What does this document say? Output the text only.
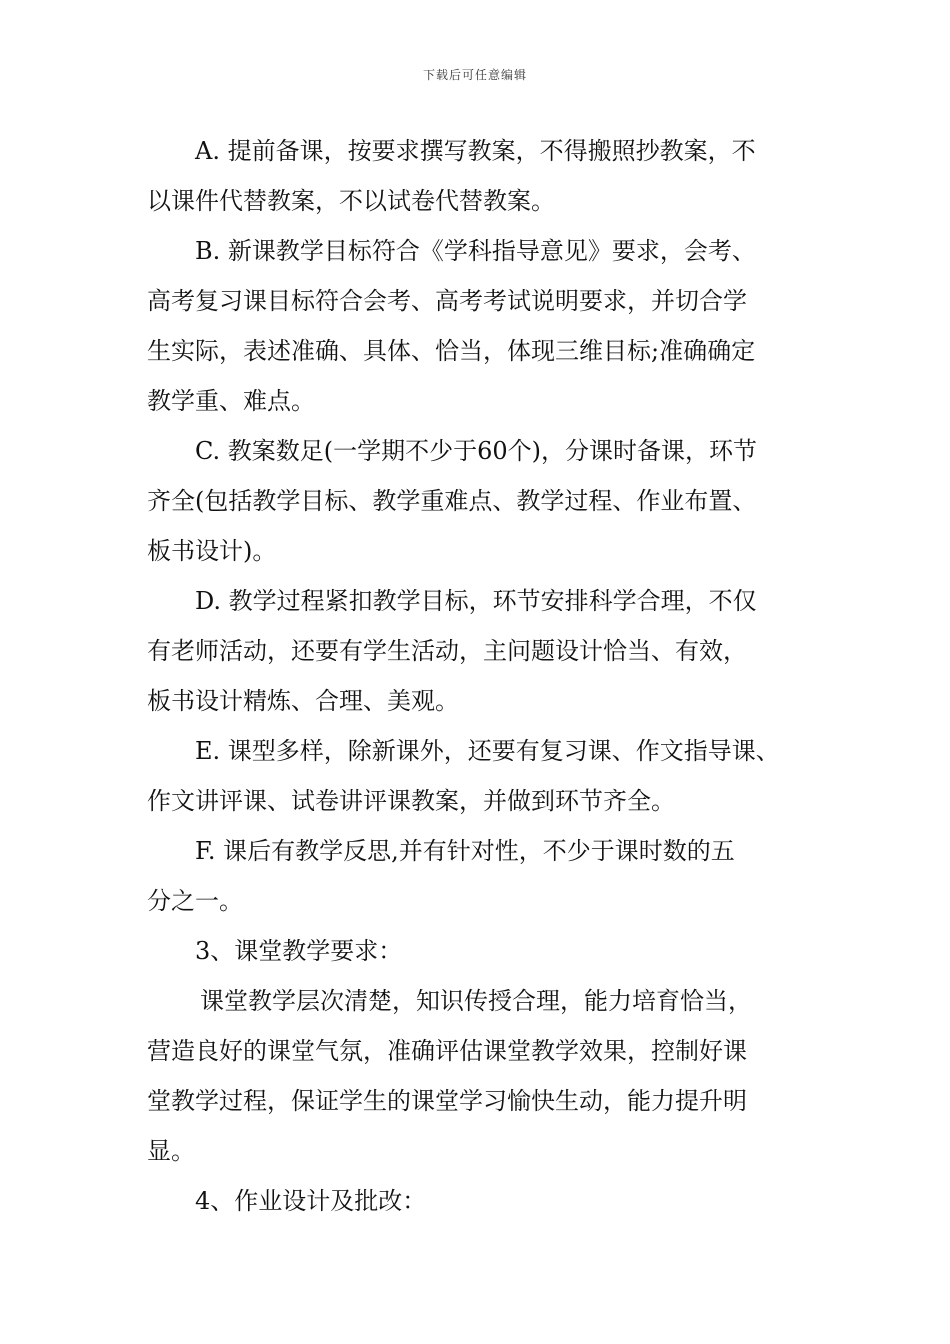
下载后可任意编辑
A. 提前备课，按要求撰写教案，不得搬照抄教案，不
以课件代替教案，不以试卷代替教案。
B. 新课教学目标符合《学科指导意见》要求，会考、
高考复习课目标符合会考、高考考试说明要求，并切合学
生实际，表述准确、具体、恰当，体现三维目标;准确确定
教学重、难点。
C. 教案数足(一学期不少于60个)，分课时备课，环节
齐全(包括教学目标、教学重难点、教学过程、作业布置、
板书设计)。
D. 教学过程紧扣教学目标，环节安排科学合理，不仅
有老师活动，还要有学生活动，主问题设计恰当、有效，
板书设计精炼、合理、美观。
E. 课型多样，除新课外，还要有复习课、作文指导课、
作文讲评课、试卷讲评课教案，并做到环节齐全。
F. 课后有教学反思,并有针对性，不少于课时数的五
分之一。
3、课堂教学要求：
课堂教学层次清楚，知识传授合理，能力培育恰当，
营造良好的课堂气氛，准确评估课堂教学效果，控制好课
堂教学过程，保证学生的课堂学习愉快生动，能力提升明
显。
4、作业设计及批改：
